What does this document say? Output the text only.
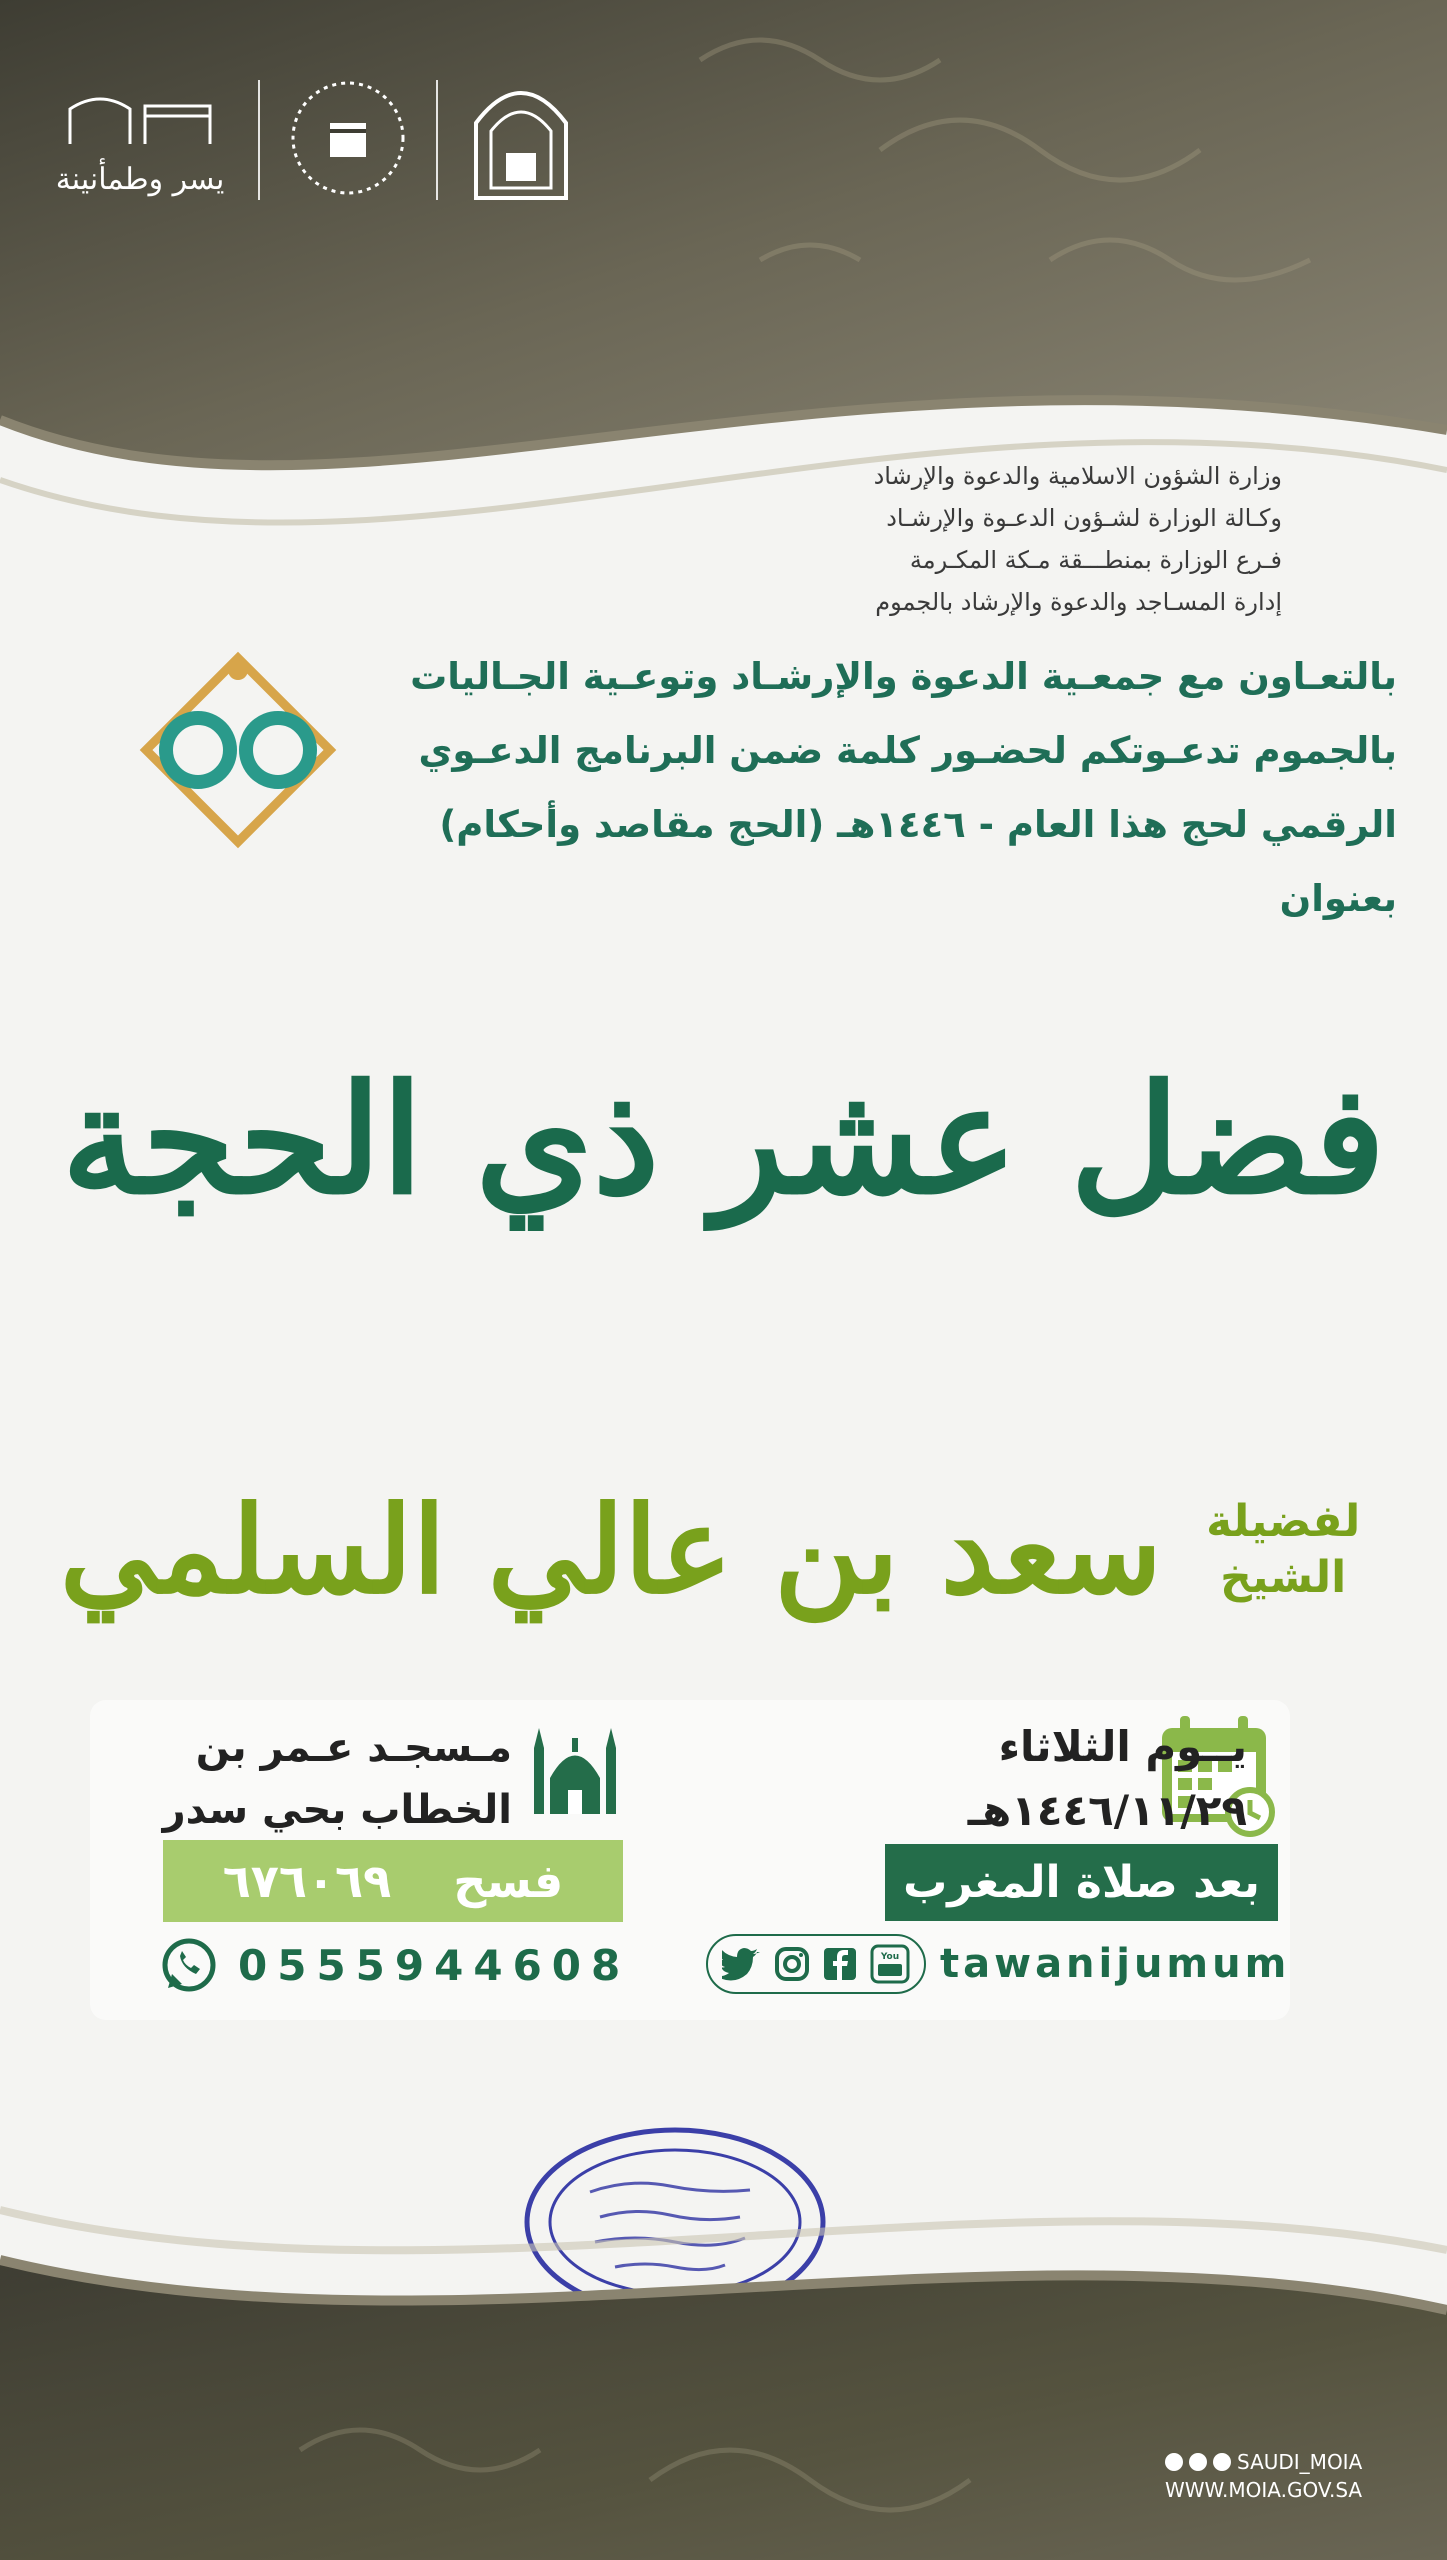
يسر وطمأنينة
وزارة الشؤون الاسلامية والدعوة والإرشاد
وكـالة الوزارة لشـؤون الدعـوة والإرشـاد
فـرع الوزارة بمنطـــقة مـكة المكـرمة
إدارة المسـاجد والدعوة والإرشاد بالجموم
بالتعـاون مع جمعـية الدعوة والإرشـاد وتوعـية الجـاليات
بالجموم تدعـوتكم لحضـور كلمة ضمن البرنامج الدعـوي
الرقمي لحج هذا العام - ١٤٤٦هـ (الحج مقاصد وأحكام) بعنوان
فضل عشر ذي الحجة
لفضيلة
الشيخ
سعد بن عالي السلمي
يــوم الثلاثاء
١٤٤٦/١١/٢٩هـ
بعد صلاة المغرب
مـسجـد عـمر بن
الخطاب بحي سدر
فسح  ٦٧٦٠٦٩
0555944608	You tawanijumum
SAUDI_MOIA
WWW.MOIA.GOV.SA
